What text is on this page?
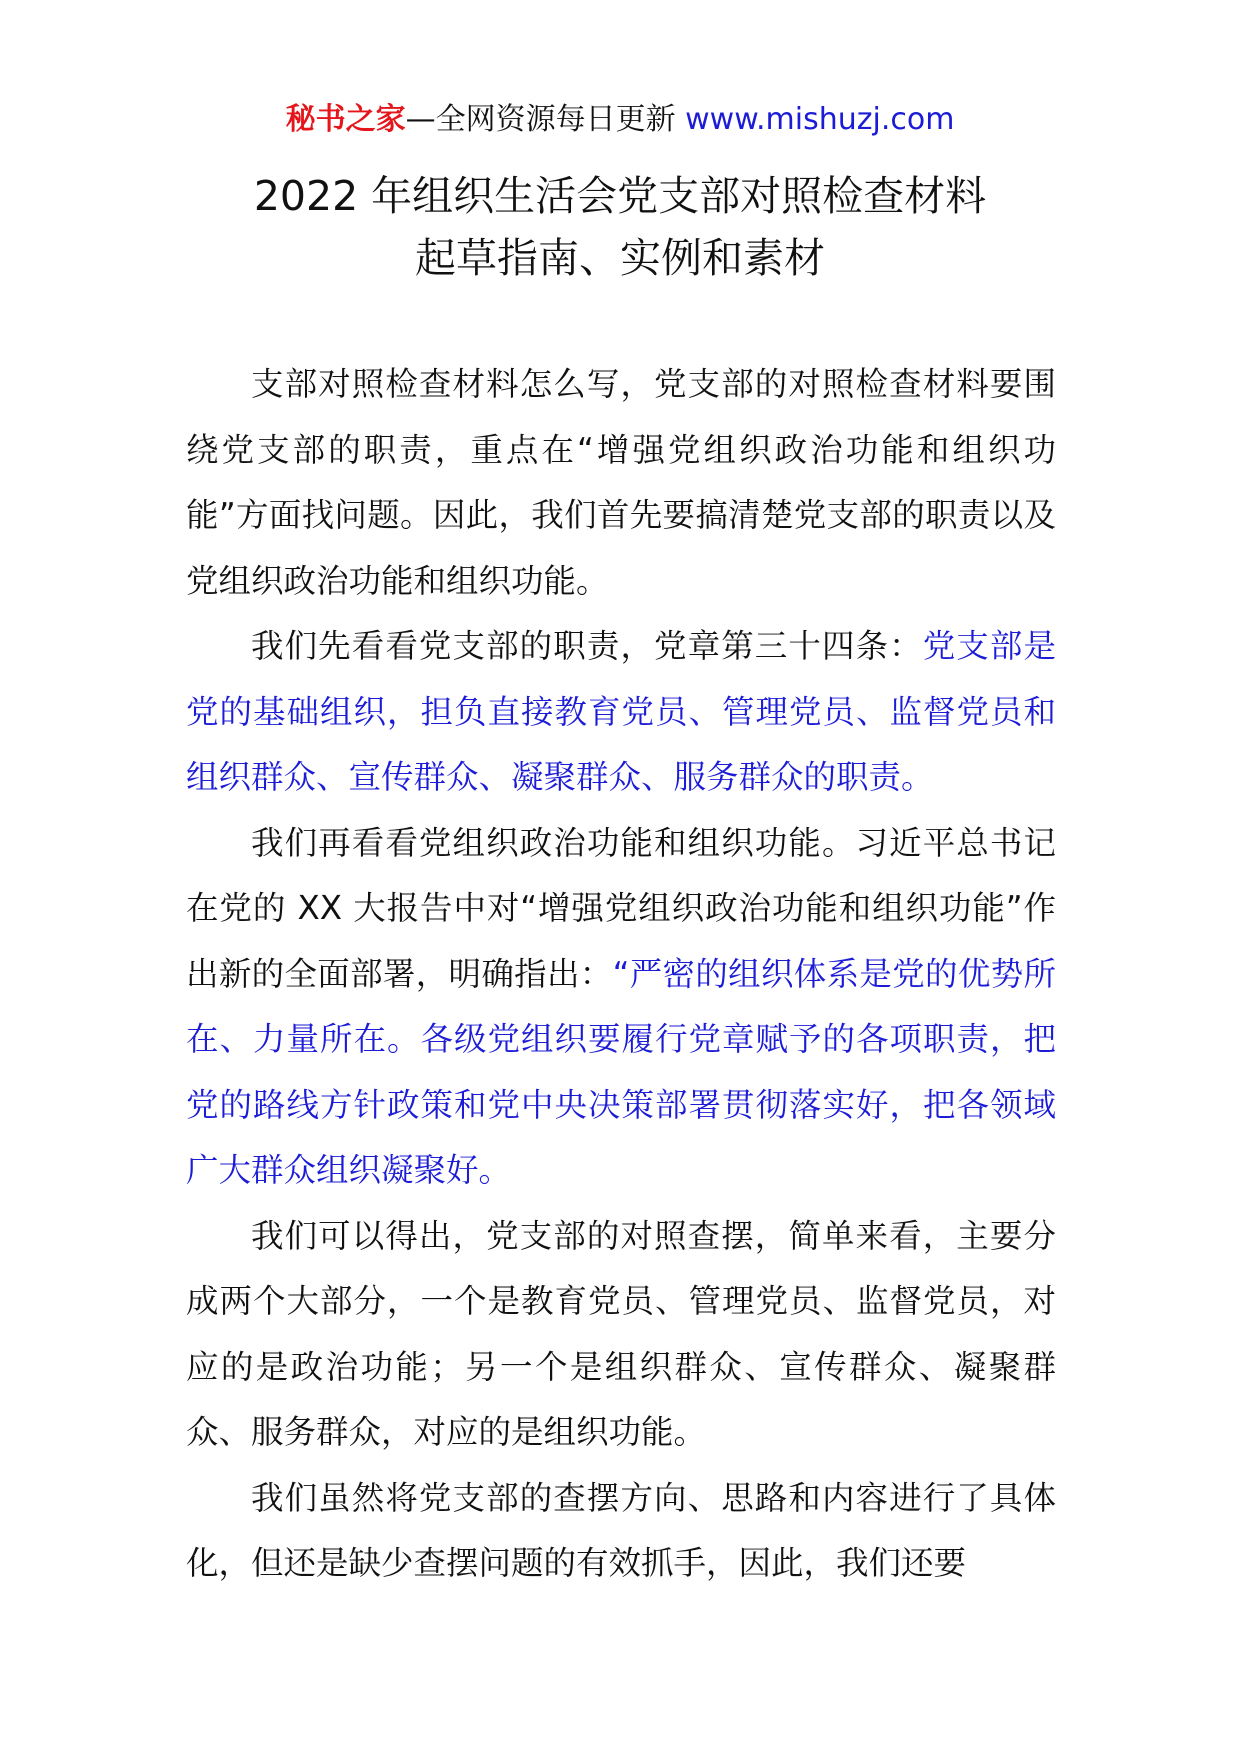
秘书之家—全网资源每日更新 www.mishuzj.com
2022 年组织生活会党支部对照检查材料
起草指南、实例和素材

支部对照检查材料怎么写，党支部的对照检查材料要围绕党支部的职责，重点在“增强党组织政治功能和组织功能”方面找问题。因此，我们首先要搞清楚党支部的职责以及党组织政治功能和组织功能。

我们先看看党支部的职责，党章第三十四条：党支部是党的基础组织，担负直接教育党员、管理党员、监督党员和组织群众、宣传群众、凝聚群众、服务群众的职责。

我们再看看党组织政治功能和组织功能。习近平总书记在党的 XX 大报告中对“增强党组织政治功能和组织功能”作出新的全面部署，明确指出：“严密的组织体系是党的优势所在、力量所在。各级党组织要履行党章赋予的各项职责，把党的路线方针政策和党中央决策部署贯彻落实好，把各领域广大群众组织凝聚好。

我们可以得出，党支部的对照查摆，简单来看，主要分成两个大部分，一个是教育党员、管理党员、监督党员，对应的是政治功能；另一个是组织群众、宣传群众、凝聚群众、服务群众，对应的是组织功能。

我们虽然将党支部的查摆方向、思路和内容进行了具体化，但还是缺少查摆问题的有效抓手，因此，我们还要
